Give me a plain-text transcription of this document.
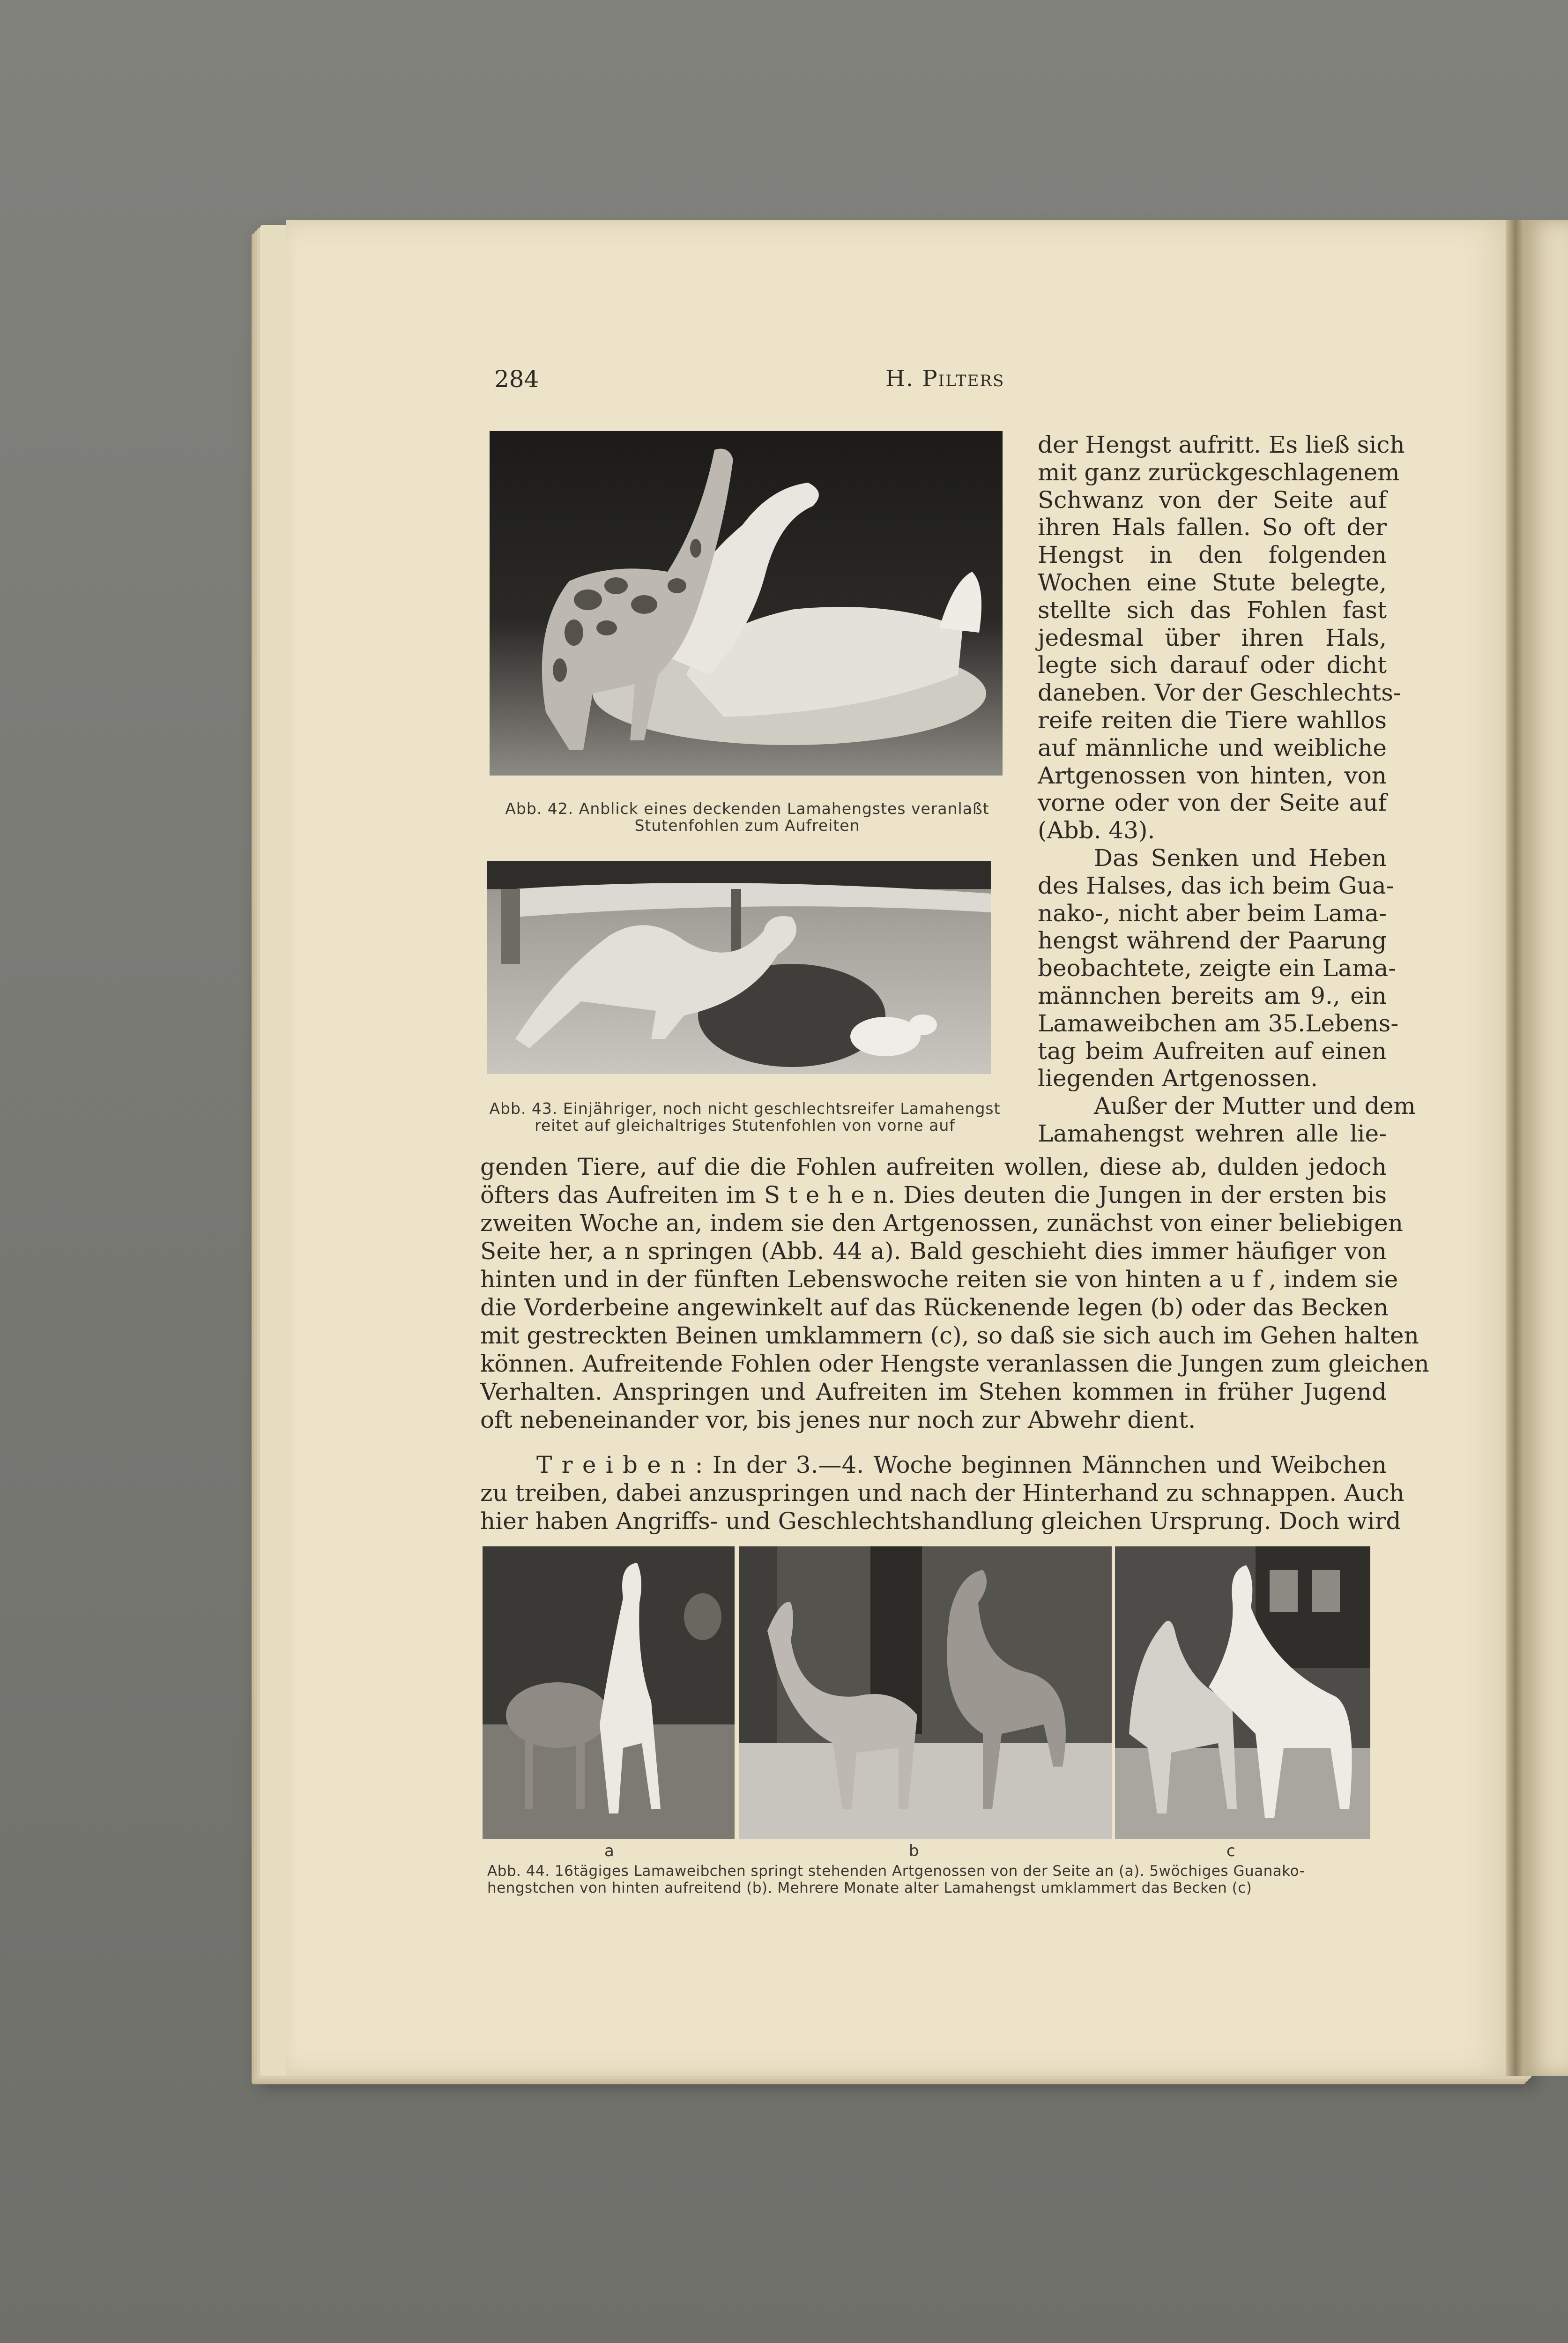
284	H. Pilters
Abb. 42. Anblick eines deckenden Lamahengstes veranlaßt
Stutenfohlen zum Aufreiten
Abb. 43. Einjähriger, noch nicht geschlechtsreifer Lamahengst
reitet auf gleichaltriges Stutenfohlen von vorne auf
der Hengst aufritt. Es ließ sich
mit ganz zurückgeschlagenem
Schwanz von der Seite auf
ihren Hals fallen. So oft der
Hengst in den folgenden
Wochen eine Stute belegte,
stellte sich das Fohlen fast
jedesmal über ihren Hals,
legte sich darauf oder dicht
daneben. Vor der Geschlechts-
reife reiten die Tiere wahllos
auf männliche und weibliche
Artgenossen von hinten, von
vorne oder von der Seite auf
(Abb. 43).
Das Senken und Heben
des Halses, das ich beim Gua-
nako-, nicht aber beim Lama-
hengst während der Paarung
beobachtete, zeigte ein Lama-
männchen bereits am 9., ein
Lamaweibchen am 35.Lebens-
tag beim Aufreiten auf einen
liegenden Artgenossen.
Außer der Mutter und dem
Lamahengst wehren alle lie-
genden Tiere, auf die die Fohlen aufreiten wollen, diese ab, dulden jedoch
öfters das Aufreiten im S t e h e n. Dies deuten die Jungen in der ersten bis
zweiten Woche an, indem sie den Artgenossen, zunächst von einer beliebigen
Seite her, a n springen (Abb. 44 a). Bald geschieht dies immer häufiger von
hinten und in der fünften Lebenswoche reiten sie von hinten a u f , indem sie
die Vorderbeine angewinkelt auf das Rückenende legen (b) oder das Becken
mit gestreckten Beinen umklammern (c), so daß sie sich auch im Gehen halten
können. Aufreitende Fohlen oder Hengste veranlassen die Jungen zum gleichen
Verhalten. Anspringen und Aufreiten im Stehen kommen in früher Jugend
oft nebeneinander vor, bis jenes nur noch zur Abwehr dient.
T r e i b e n : In der 3.—4. Woche beginnen Männchen und Weibchen
zu treiben, dabei anzuspringen und nach der Hinterhand zu schnappen. Auch
hier haben Angriffs- und Geschlechtshandlung gleichen Ursprung. Doch wird
a	b	c
Abb. 44. 16tägiges Lamaweibchen springt stehenden Artgenossen von der Seite an (a). 5wöchiges Guanako-
hengstchen von hinten aufreitend (b). Mehrere Monate alter Lamahengst umklammert das Becken (c)
